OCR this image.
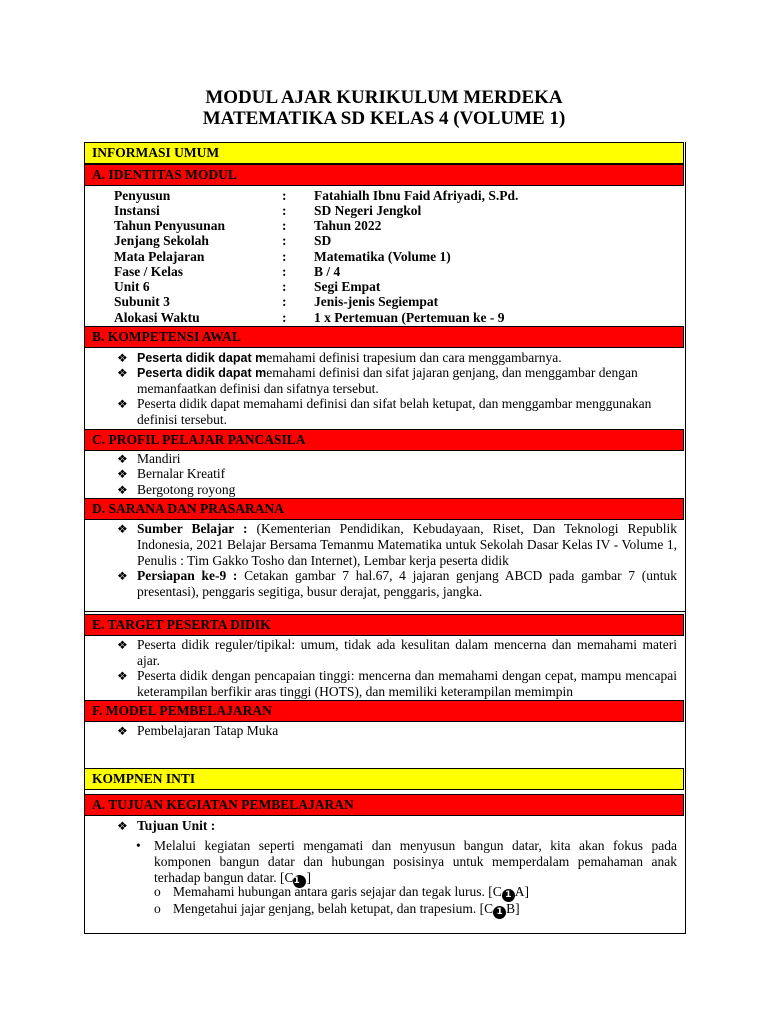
MODUL AJAR KURIKULUM MERDEKA
MATEMATIKA SD KELAS 4 (VOLUME 1)
INFORMASI UMUM
A. IDENTITAS MODUL
Penyusun	: Fatahialh Ibnu Faid Afriyadi, S.Pd.
Instansi	: SD Negeri Jengkol
Tahun Penyusunan	: Tahun 2022
Jenjang Sekolah	: SD
Mata Pelajaran	: Matematika (Volume 1)
Fase / Kelas	: B / 4
Unit 6	: Segi Empat
Subunit 3	: Jenis-jenis Segiempat
Alokasi Waktu	: 1 x Pertemuan (Pertemuan ke - 9
B. KOMPETENSI AWAL
❖ Peserta didik dapat memahami definisi trapesium dan cara menggambarnya.
❖ Peserta didik dapat memahami definisi dan sifat jajaran genjang, dan menggambar dengan memanfaatkan definisi dan sifatnya tersebut.
❖ Peserta didik dapat memahami definisi dan sifat belah ketupat, dan menggambar menggunakan definisi tersebut.
C. PROFIL PELAJAR PANCASILA
❖ Mandiri
❖ Bernalar Kreatif
❖ Bergotong royong
D. SARANA DAN PRASARANA
❖ Sumber Belajar : (Kementerian Pendidikan, Kebudayaan, Riset, Dan Teknologi Republik Indonesia, 2021 Belajar Bersama Temanmu Matematika untuk Sekolah Dasar Kelas IV - Volume 1, Penulis : Tim Gakko Tosho dan Internet), Lembar kerja peserta didik
❖ Persiapan ke-9 : Cetakan gambar 7 hal.67, 4 jajaran genjang ABCD pada gambar 7 (untuk presentasi), penggaris segitiga, busur derajat, penggaris, jangka.
E. TARGET PESERTA DIDIK
❖ Peserta didik reguler/tipikal: umum, tidak ada kesulitan dalam mencerna dan memahami materi ajar.
❖ Peserta didik dengan pencapaian tinggi: mencerna dan memahami dengan cepat, mampu mencapai keterampilan berfikir aras tinggi (HOTS), dan memiliki keterampilan memimpin
F. MODEL PEMBELAJARAN
❖ Pembelajaran Tatap Muka
KOMPNEN INTI
A. TUJUAN KEGIATAN PEMBELAJARAN
❖ Tujuan Unit :
• Melalui kegiatan seperti mengamati dan menyusun bangun datar, kita akan fokus pada komponen bangun datar dan hubungan posisinya untuk memperdalam pemahaman anak terhadap bangun datar. [C1 ]
o Memahami hubungan antara garis sejajar dan tegak lurus. [C 1 A]
o Mengetahui jajar genjang, belah ketupat, dan trapesium. [C 1 B]
